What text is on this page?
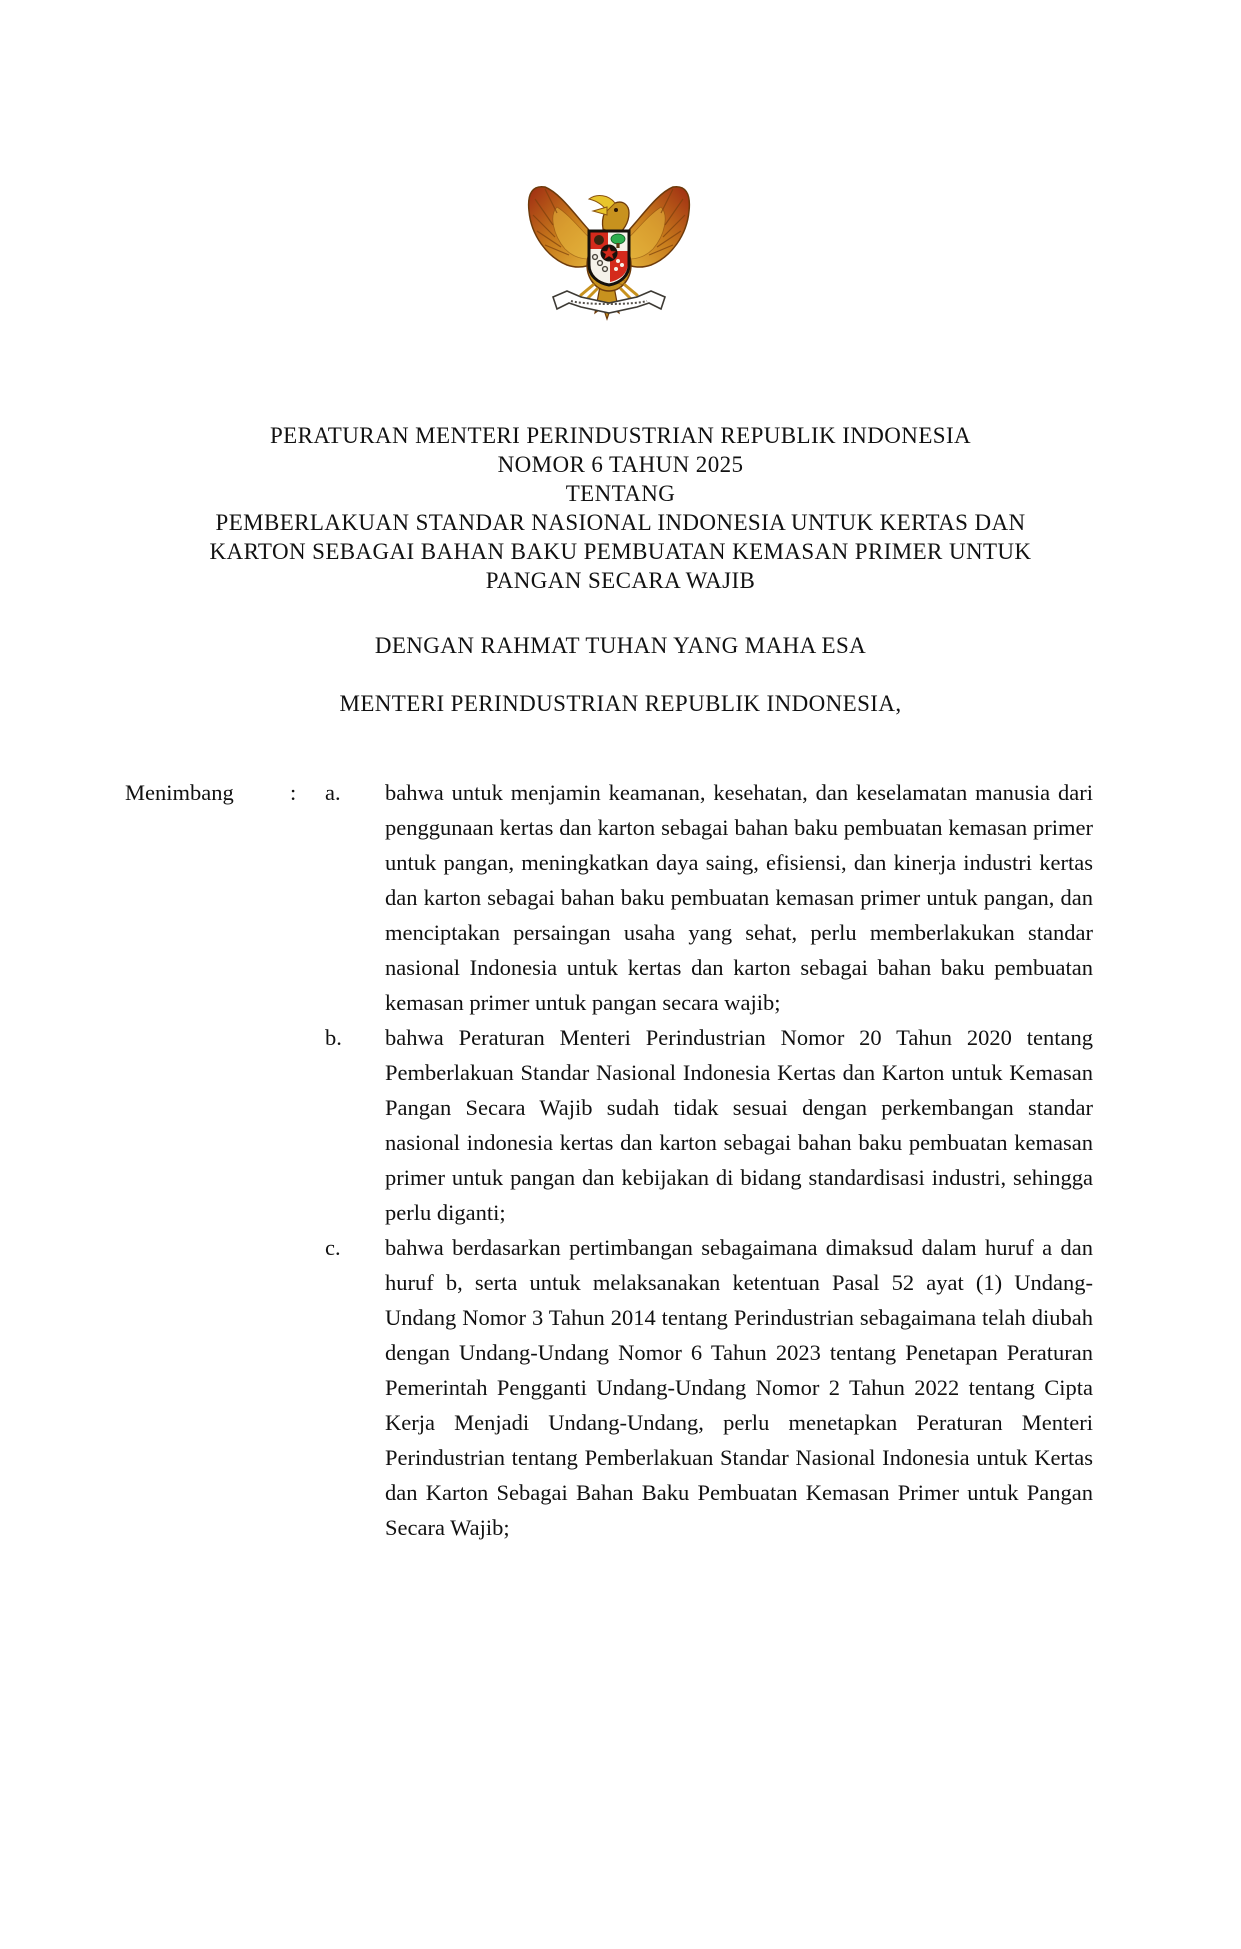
PERATURAN MENTERI PERINDUSTRIAN REPUBLIK INDONESIA
NOMOR 6 TAHUN 2025
TENTANG
PEMBERLAKUAN STANDAR NASIONAL INDONESIA UNTUK KERTAS DAN
KARTON SEBAGAI BAHAN BAKU PEMBUATAN KEMASAN PRIMER UNTUK
PANGAN SECARA WAJIB
DENGAN RAHMAT TUHAN YANG MAHA ESA
MENTERI PERINDUSTRIAN REPUBLIK INDONESIA,
Menimbang	:	a.	bahwa untuk menjamin keamanan, kesehatan, dan keselamatan manusia dari penggunaan kertas dan karton sebagai bahan baku pembuatan kemasan primer untuk pangan, meningkatkan daya saing, efisiensi, dan kinerja industri kertas dan karton sebagai bahan baku pembuatan kemasan primer untuk pangan, dan menciptakan persaingan usaha yang sehat, perlu memberlakukan standar nasional Indonesia untuk kertas dan karton sebagai bahan baku pembuatan kemasan primer untuk pangan secara wajib;
b.	bahwa Peraturan Menteri Perindustrian Nomor 20 Tahun 2020 tentang Pemberlakuan Standar Nasional Indonesia Kertas dan Karton untuk Kemasan Pangan Secara Wajib sudah tidak sesuai dengan perkembangan standar nasional indonesia kertas dan karton sebagai bahan baku pembuatan kemasan primer untuk pangan dan kebijakan di bidang standardisasi industri, sehingga perlu diganti;
c.	bahwa berdasarkan pertimbangan sebagaimana dimaksud dalam huruf a dan huruf b, serta untuk melaksanakan ketentuan Pasal 52 ayat (1) Undang-Undang Nomor 3 Tahun 2014 tentang Perindustrian sebagaimana telah diubah dengan Undang-Undang Nomor 6 Tahun 2023 tentang Penetapan Peraturan Pemerintah Pengganti Undang-Undang Nomor 2 Tahun 2022 tentang Cipta Kerja Menjadi Undang-Undang, perlu menetapkan Peraturan Menteri Perindustrian tentang Pemberlakuan Standar Nasional Indonesia untuk Kertas dan Karton Sebagai Bahan Baku Pembuatan Kemasan Primer untuk Pangan Secara Wajib;
